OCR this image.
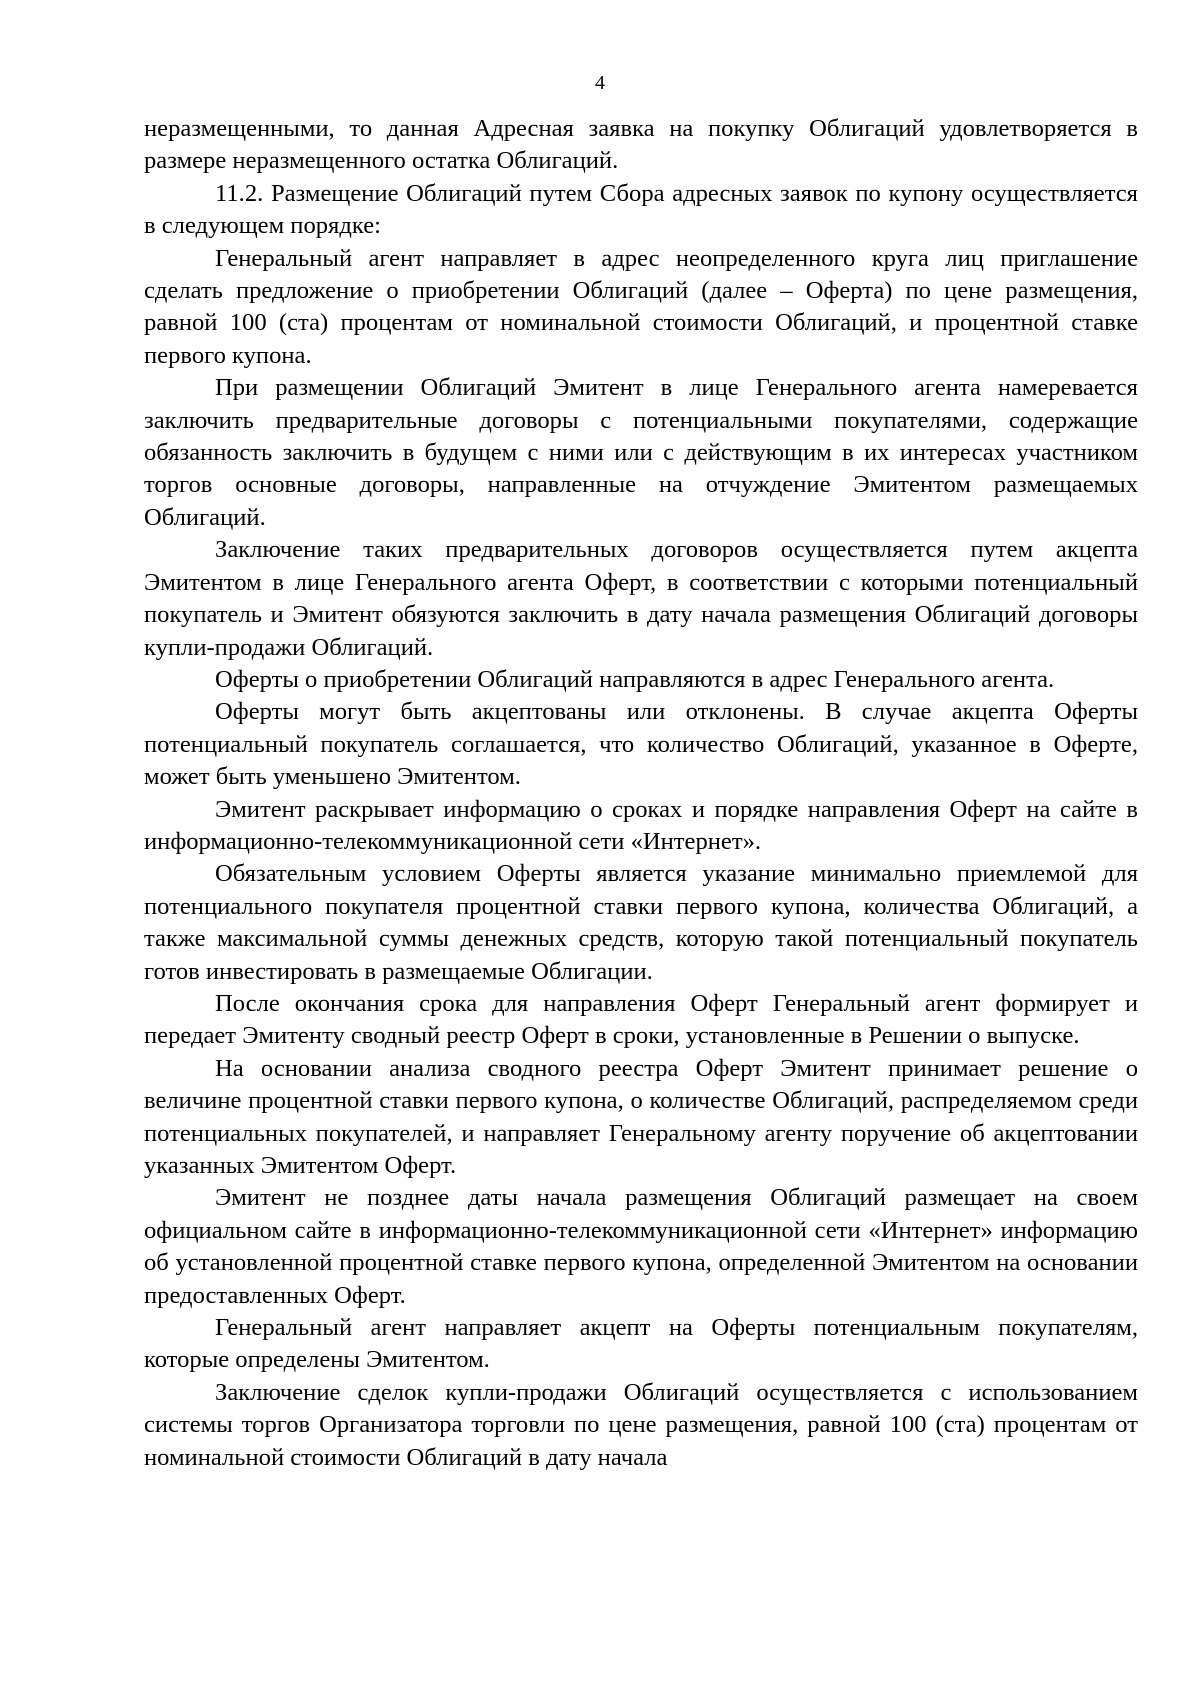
4

неразмещенными, то данная Адресная заявка на покупку Облигаций удовлетворяется в размере неразмещенного остатка Облигаций.

11.2. Размещение Облигаций путем Сбора адресных заявок по купону осуществляется в следующем порядке:

Генеральный агент направляет в адрес неопределенного круга лиц приглашение сделать предложение о приобретении Облигаций (далее – Оферта) по цене размещения, равной 100 (ста) процентам от номинальной стоимости Облигаций, и процентной ставке первого купона.

При размещении Облигаций Эмитент в лице Генерального агента намеревается заключить предварительные договоры с потенциальными покупателями, содержащие обязанность заключить в будущем с ними или с действующим в их интересах участником торгов основные договоры, направленные на отчуждение Эмитентом размещаемых Облигаций.

Заключение таких предварительных договоров осуществляется путем акцепта Эмитентом в лице Генерального агента Оферт, в соответствии с которыми потенциальный покупатель и Эмитент обязуются заключить в дату начала размещения Облигаций договоры купли-продажи Облигаций.

Оферты о приобретении Облигаций направляются в адрес Генерального агента.

Оферты могут быть акцептованы или отклонены. В случае акцепта Оферты потенциальный покупатель соглашается, что количество Облигаций, указанное в Оферте, может быть уменьшено Эмитентом.

Эмитент раскрывает информацию о сроках и порядке направления Оферт на сайте в информационно-телекоммуникационной сети «Интернет».

Обязательным условием Оферты является указание минимально приемлемой для потенциального покупателя процентной ставки первого купона, количества Облигаций, а также максимальной суммы денежных средств, которую такой потенциальный покупатель готов инвестировать в размещаемые Облигации.

После окончания срока для направления Оферт Генеральный агент формирует и передает Эмитенту сводный реестр Оферт в сроки, установленные в Решении о выпуске.

На основании анализа сводного реестра Оферт Эмитент принимает решение о величине процентной ставки первого купона, о количестве Облигаций, распределяемом среди потенциальных покупателей, и направляет Генеральному агенту поручение об акцептовании указанных Эмитентом Оферт.

Эмитент не позднее даты начала размещения Облигаций размещает на своем официальном сайте в информационно-телекоммуникационной сети «Интернет» информацию об установленной процентной ставке первого купона, определенной Эмитентом на основании предоставленных Оферт.

Генеральный агент направляет акцепт на Оферты потенциальным покупателям, которые определены Эмитентом.

Заключение сделок купли-продажи Облигаций осуществляется с использованием системы торгов Организатора торговли по цене размещения, равной 100 (ста) процентам от номинальной стоимости Облигаций в дату начала
